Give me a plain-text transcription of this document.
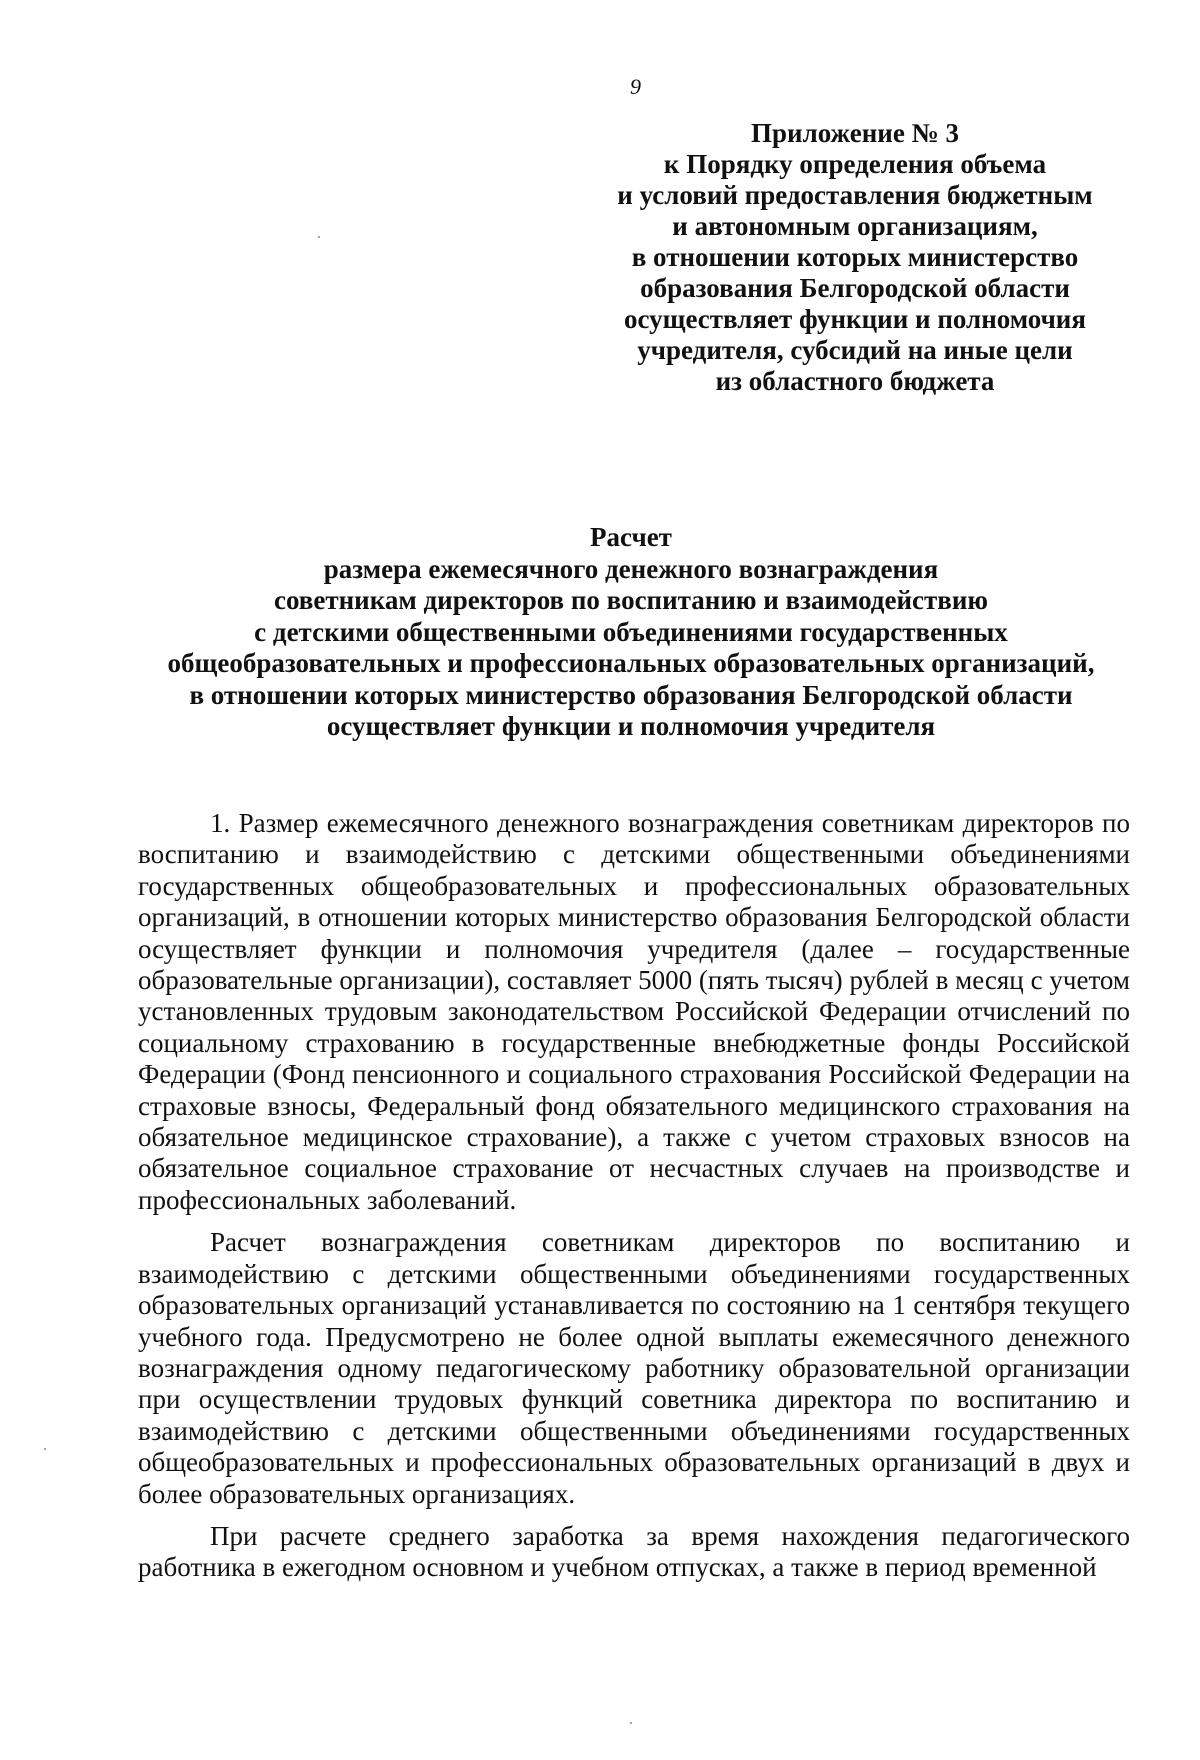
9
Приложение № 3
к Порядку определения объема
и условий предоставления бюджетным
и автономным организациям,
в отношении которых министерство
образования Белгородской области
осуществляет функции и полномочия
учредителя, субсидий на иные цели
из областного бюджета
Расчет
размера ежемесячного денежного вознаграждения
советникам директоров по воспитанию и взаимодействию
с детскими общественными объединениями государственных
общеобразовательных и профессиональных образовательных организаций,
в отношении которых министерство образования Белгородской области
осуществляет функции и полномочия учредителя

1. Размер ежемесячного денежного вознаграждения советникам директоров по воспитанию и взаимодействию с детскими общественными объединениями государственных общеобразовательных и профессиональных образовательных организаций, в отношении которых министерство образования Белгородской области осуществляет функции и полномочия учредителя (далее – государственные образовательные организации), составляет 5000 (пять тысяч) рублей в месяц с учетом установленных трудовым законодательством Российской Федерации отчислений по социальному страхованию в государственные внебюджетные фонды Российской Федерации (Фонд пенсионного и социального страхования Российской Федерации на страховые взносы, Федеральный фонд обязательного медицинского страхования на обязательное медицинское страхование), а также с учетом страховых взносов на обязательное социальное страхование от несчастных случаев на производстве и профессиональных заболеваний.

Расчет вознаграждения советникам директоров по воспитанию и взаимодействию с детскими общественными объединениями государственных образовательных организаций устанавливается по состоянию на 1 сентября текущего учебного года. Предусмотрено не более одной выплаты ежемесячного денежного вознаграждения одному педагогическому работнику образовательной организации при осуществлении трудовых функций советника директора по воспитанию и взаимодействию с детскими общественными объединениями государственных общеобразовательных и профессиональных образовательных организаций в двух и более образовательных организациях.

При расчете среднего заработка за время нахождения педагогического работника в ежегодном основном и учебном отпусках, а также в период временной
